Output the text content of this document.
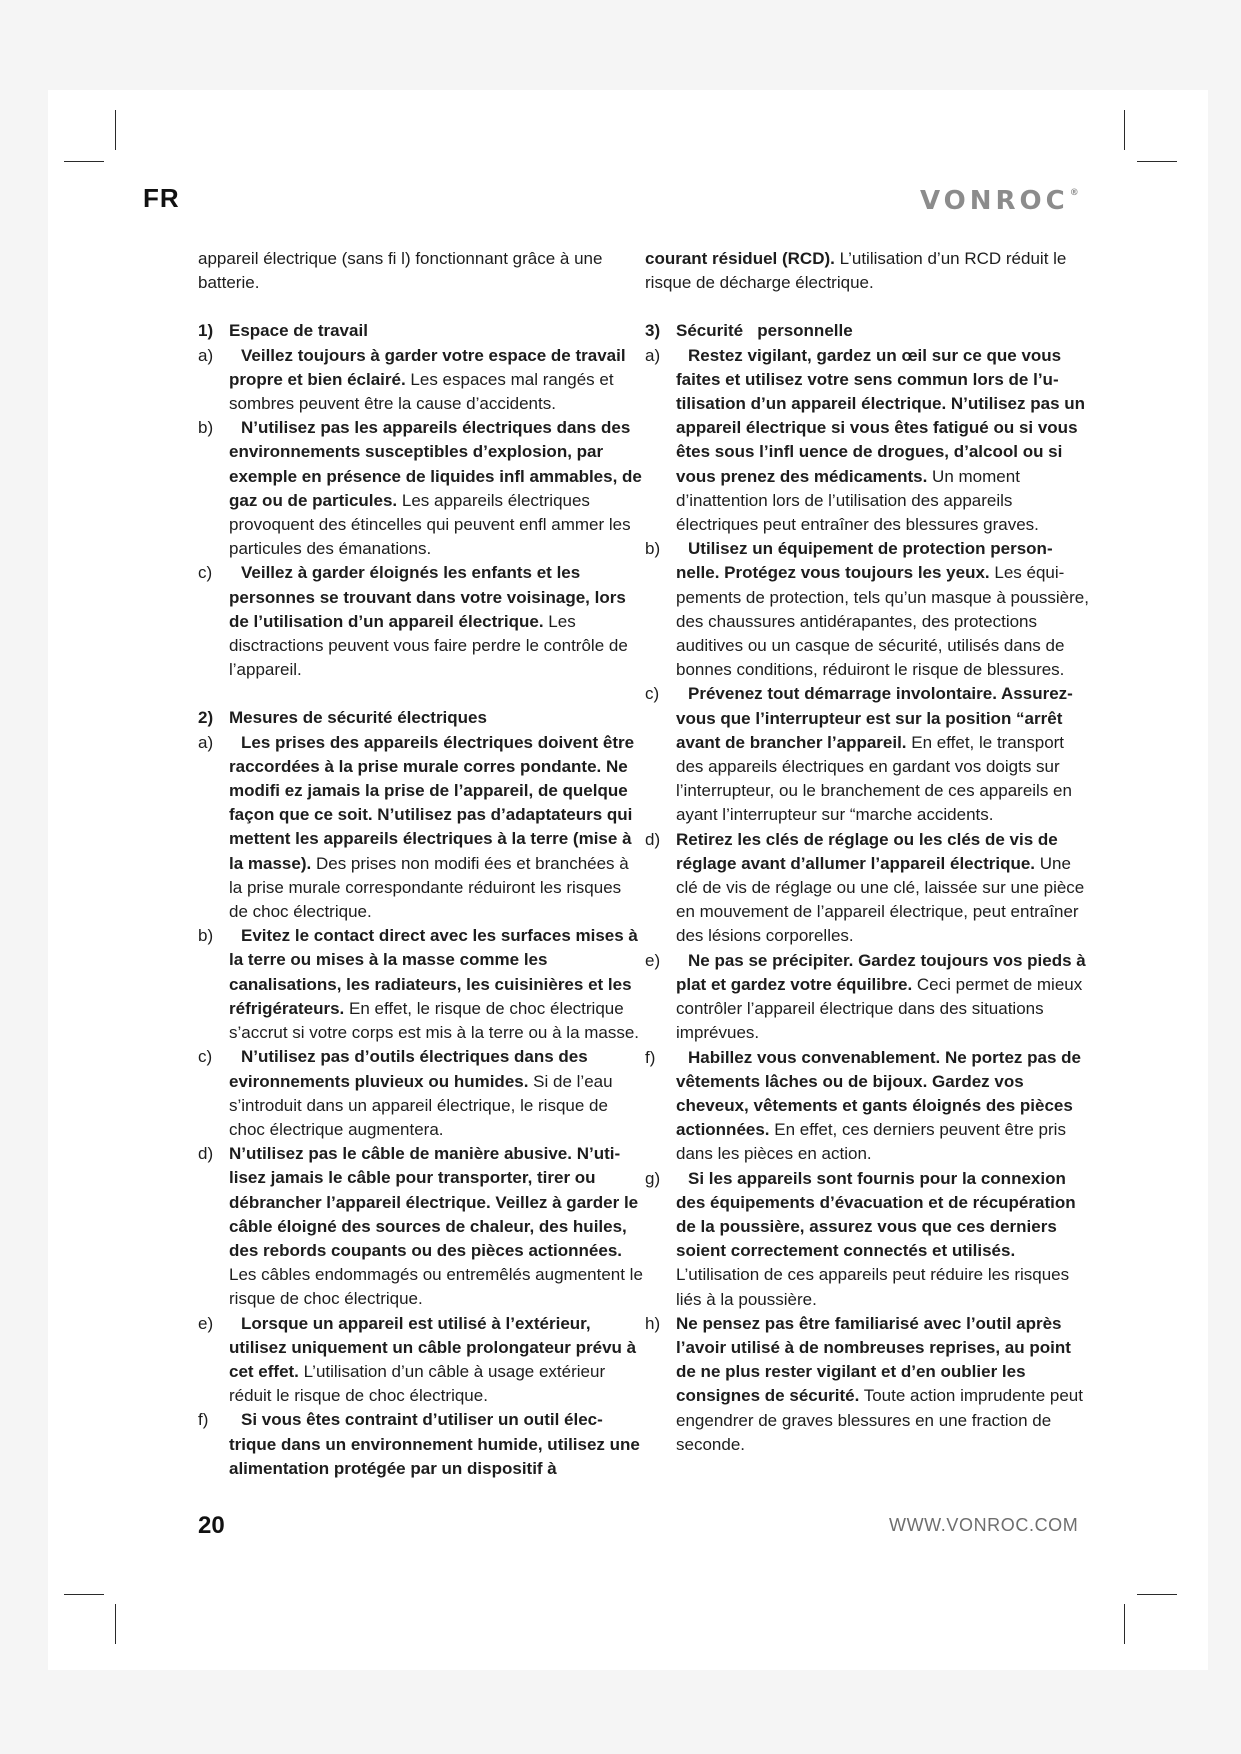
FR	VONROC®

appareil électrique (sans fi l) fonctionnant grâce à une batterie.

1) Espace de travail
a)	Veillez toujours à garder votre espace de travail propre et bien éclairé. Les espaces mal rangés et sombres peuvent être la cause d’accidents.
b)	N’utilisez pas les appareils électriques dans des environnements susceptibles d’explosion, par exemple en présence de liquides infl ammables, de gaz ou de particules. Les appareils électriques provoquent des étincelles qui peuvent enfl ammer les particules des émanations.
c)	Veillez à garder éloignés les enfants et les personnes se trouvant dans votre voisinage, lors de l’utilisation d’un appareil électrique. Les disctractions peuvent vous faire perdre le contrôle de l’appareil.
2) Mesures de sécurité électriques
a)	Les prises des appareils électriques doivent être raccordées à la prise murale corres pondante. Ne modifi ez jamais la prise de l’appareil, de quelque façon que ce soit. N’utilisez pas d’adaptateurs qui mettent les appareils électriques à la terre (mise à la masse). Des prises non modifi ées et branchées à la prise murale correspondante réduiront les risques de choc électrique.
b)	Evitez le contact direct avec les surfaces mises à la terre ou mises à la masse comme les canalisations, les radiateurs, les cuisinières et les réfrigérateurs. En effet, le risque de choc électrique s’accrut si votre corps est mis à la terre ou à la masse.
c)	N’utilisez pas d’outils électriques dans des evironnements pluvieux ou humides. Si de l’eau s’introduit dans un appareil électrique, le risque de choc électrique augmentera.
d) N’utilisez pas le câble de manière abusive. N’utilisez jamais le câble pour transporter, tirer ou débrancher l’appareil électrique. Veillez à garder le câble éloigné des sources de chaleur, des huiles, des rebords coupants ou des pièces actionnées. Les câbles endommagés ou entremêlés augmentent le risque de choc électrique.
e)	Lorsque un appareil est utilisé à l’extérieur, utilisez uniquement un câble prolongateur prévu à cet effet. L’utilisation d’un câble à usage extérieur réduit le risque de choc électrique.
f)	Si vous êtes contraint d’utiliser un outil électrique dans un environnement humide, utilisez une alimentation protégée par un dispositif à

courant résiduel (RCD). L’utilisation d’un RCD réduit le risque de décharge électrique.

3) Sécurité   personnelle
a)	Restez vigilant, gardez un œil sur ce que vous faites et utilisez votre sens commun lors de l’utilisation d’un appareil électrique. N’utilisez pas un appareil électrique si vous êtes fatigué ou si vous êtes sous l’infl uence de drogues, d’alcool ou si vous prenez des médicaments. Un moment d’inattention lors de l’utilisation des appareils électriques peut entraîner des blessures graves.
b)	Utilisez un équipement de protection personnelle. Protégez vous toujours les yeux. Les équipements de protection, tels qu’un masque à poussière, des chaussures antidérapantes, des protections auditives ou un casque de sécurité, utilisés dans de bonnes conditions, réduiront le risque de blessures.
c)	Prévenez tout démarrage involontaire. Assurez-vous que l’interrupteur est sur la position “arrêt avant de brancher l’appareil. En effet, le transport des appareils électriques en gardant vos doigts sur l’interrupteur, ou le branchement de ces appareils en ayant l’interrupteur sur “marche accidents.
d) Retirez les clés de réglage ou les clés de vis de réglage avant d’allumer l’appareil électrique. Une clé de vis de réglage ou une clé, laissée sur une pièce en mouvement de l’appareil électrique, peut entraîner des lésions corporelles.
e)	Ne pas se précipiter. Gardez toujours vos pieds à plat et gardez votre équilibre. Ceci permet de mieux contrôler l’appareil électrique dans des situations imprévues.
f)	Habillez vous convenablement. Ne portez pas de vêtements lâches ou de bijoux. Gardez vos cheveux, vêtements et gants éloignés des pièces actionnées. En effet, ces derniers peuvent être pris dans les pièces en action.
g)	Si les appareils sont fournis pour la connexion des équipements d’évacuation et de récupération de la poussière, assurez vous que ces derniers soient correctement connectés et utilisés. L’utilisation de ces appareils peut réduire les risques liés à la poussière.
h) Ne pensez pas être familiarisé avec l’outil après l’avoir utilisé à de nombreuses reprises, au point de ne plus rester vigilant et d’en oublier les consignes de sécurité. Toute action imprudente peut engendrer de graves blessures en une fraction de seconde.
20	WWW.VONROC.COM
